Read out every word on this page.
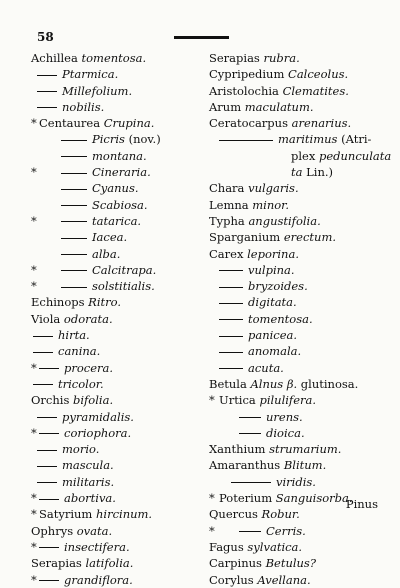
58
Achillea tomentosa.
Ptarmica.
Millefolium.
nobilis.
* Centaurea Crupina.
Picris (nov.)
montana.
*	Cineraria.
Cyanus.
Scabiosa.
*	tatarica.
Iacea.
alba.
*	Calcitrapa.
*	solstitialis.
Echinops Ritro.
Viola odorata.
hirta.
canina.
* procera.
tricolor.
Orchis bifolia.
pyramidalis.
* coriophora.
morio.
mascula.
militaris.
* abortiva.
* Satyrium hircinum.
Ophrys ovata.
* insectifera.
Serapias latifolia.
* grandiflora.
Serapias rubra.
Cypripedium Calceolus.
Aristolochia Clematites.
Arum maculatum.
Ceratocarpus arenarius.
maritimus (Atri-
plex pedunculata
ta Lin.)
Chara vulgaris.
Lemna minor.
Typha angustifolia.
Sparganium erectum.
Carex leporina.
vulpina.
bryzoides.
digitata.
tomentosa.
panicea.
anomala.
acuta.
Betula Alnus β. glutinosa.
* Urtica pilulifera.
urens.
dioica.
Xanthium strumarium.
Amaranthus Blitum.
viridis.
* Poterium Sanguisorba.
Quercus Robur.
*	Cerris.
Fagus sylvatica.
Carpinus Betulus?
Corylus Avellana.
Pinus
